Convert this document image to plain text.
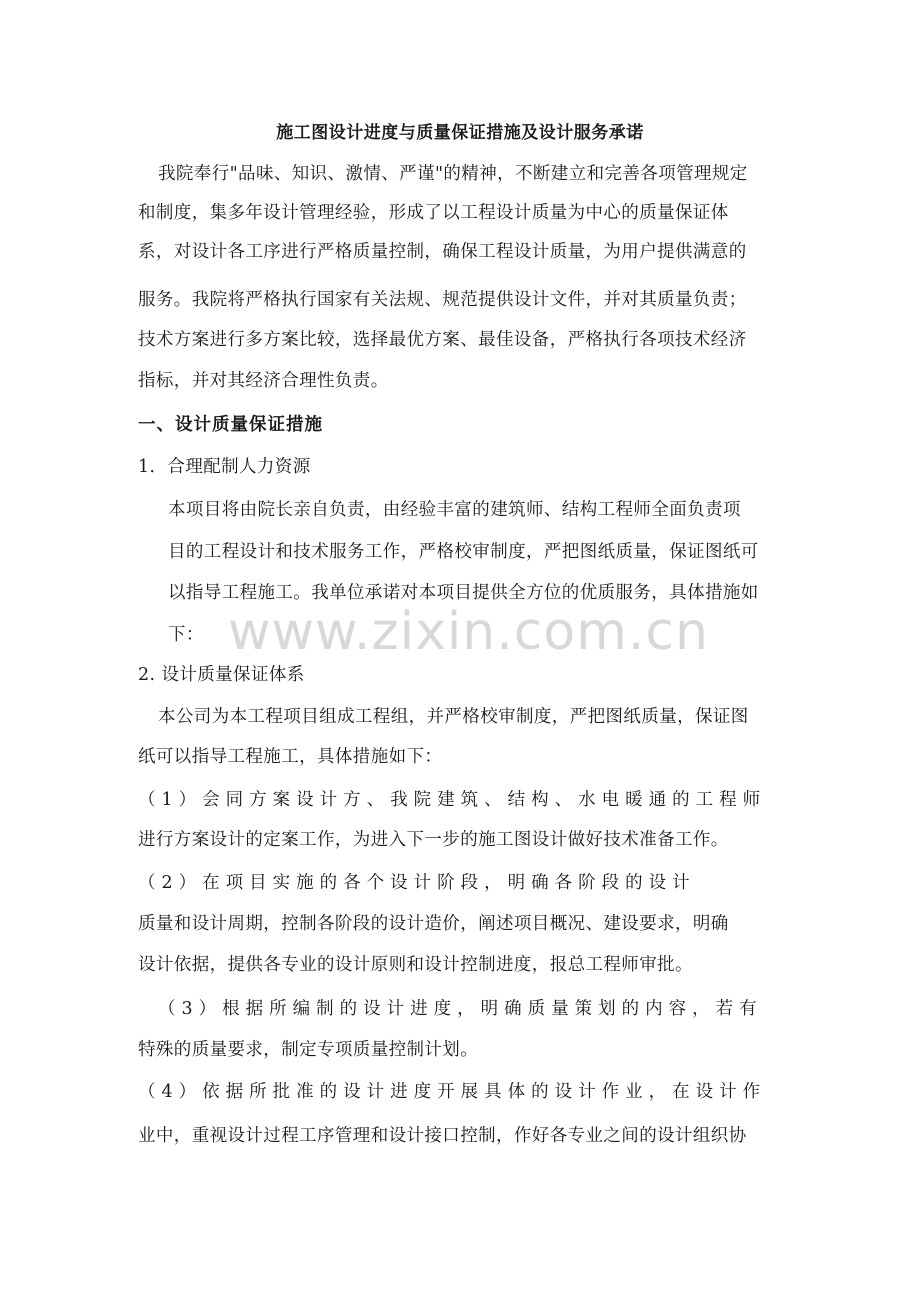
施工图设计进度与质量保证措施及设计服务承诺
我院奉行"品味、知识、激情、严谨"的精神，不断建立和完善各项管理规定
和制度，集多年设计管理经验，形成了以工程设计质量为中心的质量保证体
系，对设计各工序进行严格质量控制，确保工程设计质量，为用户提供满意的
服务。我院将严格执行国家有关法规、规范提供设计文件，并对其质量负责；
技术方案进行多方案比较，选择最优方案、最佳设备，严格执行各项技术经济
指标，并对其经济合理性负责。
一、设计质量保证措施
1．合理配制人力资源
本项目将由院长亲自负责，由经验丰富的建筑师、结构工程师全面负责项
目的工程设计和技术服务工作，严格校审制度，严把图纸质量，保证图纸可
以指导工程施工。我单位承诺对本项目提供全方位的优质服务，具体措施如
下： www.zixin.com.cn
2. 设计质量保证体系
本公司为本工程项目组成工程组，并严格校审制度，严把图纸质量，保证图
纸可以指导工程施工，具体措施如下：
（1）会同方案设计方、我院建筑、结构、水电暖通的工程师
进行方案设计的定案工作，为进入下一步的施工图设计做好技术准备工作。
（2）在项目实施的各个设计阶段，明确各阶段的设计
质量和设计周期，控制各阶段的设计造价，阐述项目概况、建设要求，明确
设计依据，提供各专业的设计原则和设计控制进度，报总工程师审批。
（3）根据所编制的设计进度，明确质量策划的内容，若有
特殊的质量要求，制定专项质量控制计划。
（4）依据所批准的设计进度开展具体的设计作业，在设计作
业中，重视设计过程工序管理和设计接口控制，作好各专业之间的设计组织协
